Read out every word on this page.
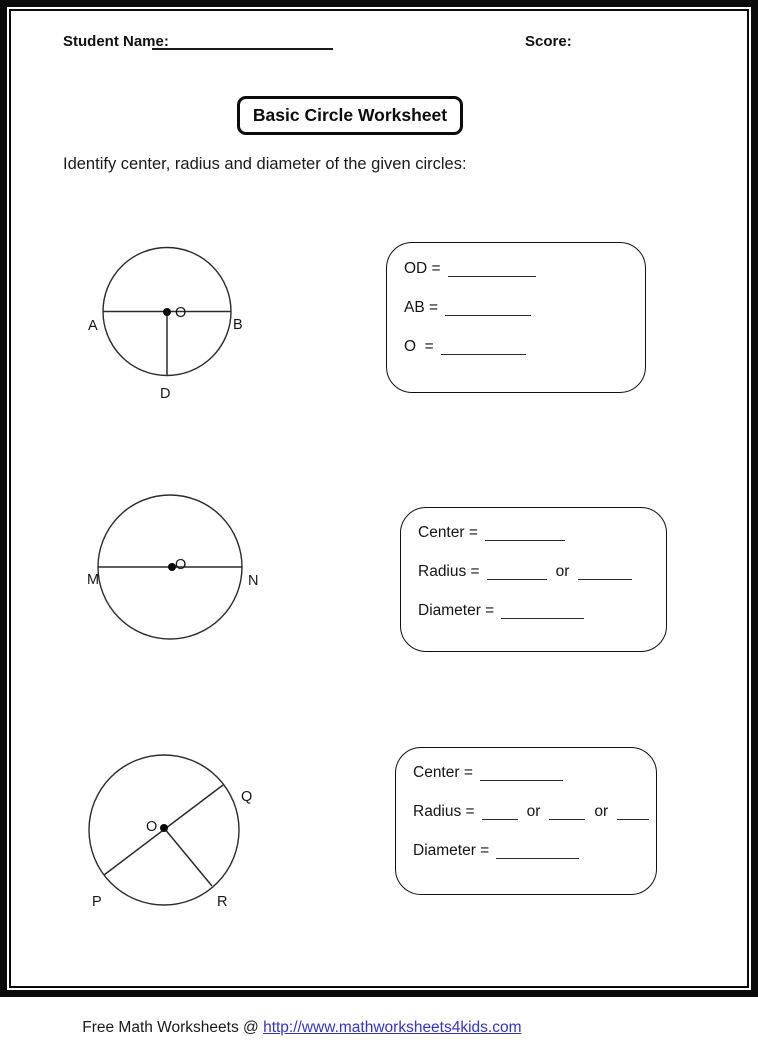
Student Name:	Score:
Basic Circle Worksheet
Identify center, radius and diameter of the given circles:
O
A	B
D
OD =
AB =
O  =
O
M	N
Center =
Radius =	or
Diameter =
O
Q
P	R
Center =
Radius =	or	or
Diameter =

Free Math Worksheets @ http://www.mathworksheets4kids.com
